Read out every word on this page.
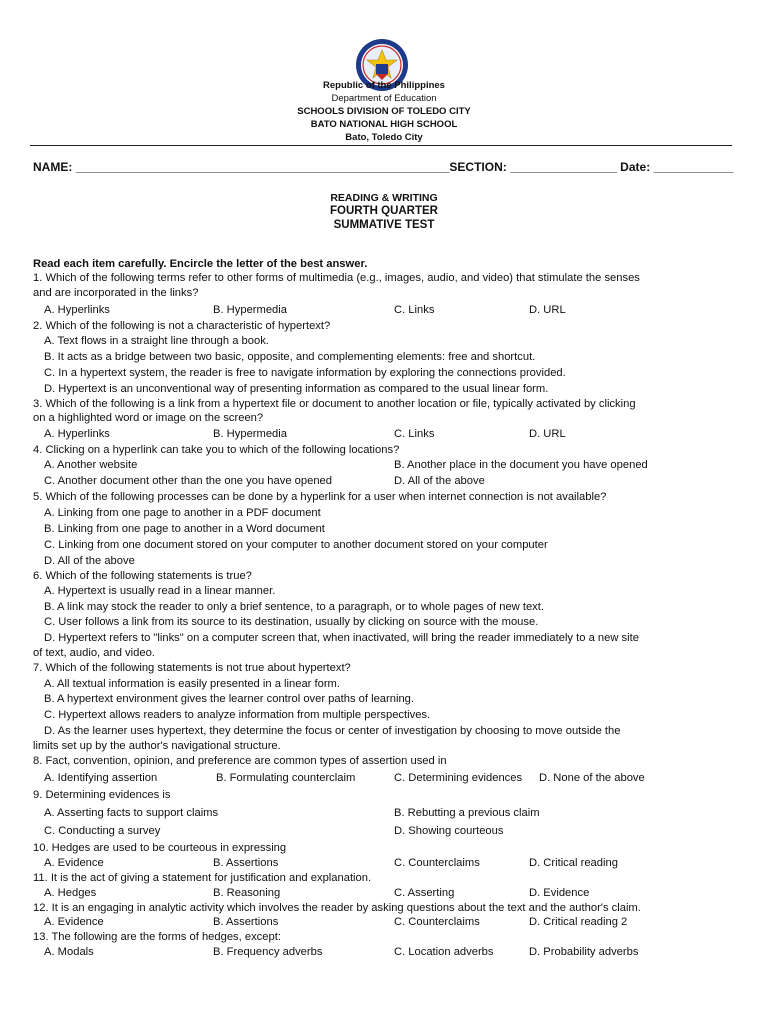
Republic of the Philippines
Department of Education
SCHOOLS DIVISION OF TOLEDO CITY
BATO NATIONAL HIGH SCHOOL
Bato, Toledo City
NAME: ________________________________________________________SECTION: ________________ Date: ____________
READING & WRITING
FOURTH QUARTER
SUMMATIVE TEST
Read each item carefully. Encircle the letter of the best answer.
1. Which of the following terms refer to other forms of multimedia (e.g., images, audio, and video) that stimulate the senses
and are incorporated in the links?
A. Hyperlinks	B. Hypermedia	C. Links	D. URL
2. Which of the following is not a characteristic of hypertext?
A. Text flows in a straight line through a book.
B. It acts as a bridge between two basic, opposite, and complementing elements: free and shortcut.
C. In a hypertext system, the reader is free to navigate information by exploring the connections provided.
D. Hypertext is an unconventional way of presenting information as compared to the usual linear form.
3. Which of the following is a link from a hypertext file or document to another location or file, typically activated by clicking
on a highlighted word or image on the screen?
A. Hyperlinks	B. Hypermedia	C. Links	D. URL
4. Clicking on a hyperlink can take you to which of the following locations?
A. Another website	B. Another place in the document you have opened
C. Another document other than the one you have opened	D. All of the above
5. Which of the following processes can be done by a hyperlink for a user when internet connection is not available?
A. Linking from one page to another in a PDF document
B. Linking from one page to another in a Word document
C. Linking from one document stored on your computer to another document stored on your computer
D. All of the above
6. Which of the following statements is true?
A. Hypertext is usually read in a linear manner.
B. A link may stock the reader to only a brief sentence, to a paragraph, or to whole pages of new text.
C. User follows a link from its source to its destination, usually by clicking on source with the mouse.
D. Hypertext refers to "links" on a computer screen that, when inactivated, will bring the reader immediately to a new site
of text, audio, and video.
7. Which of the following statements is not true about hypertext?
A. All textual information is easily presented in a linear form.
B. A hypertext environment gives the learner control over paths of learning.
C. Hypertext allows readers to analyze information from multiple perspectives.
D. As the learner uses hypertext, they determine the focus or center of investigation by choosing to move outside the
limits set up by the author's navigational structure.
8. Fact, convention, opinion, and preference are common types of assertion used in
A. Identifying assertion	B. Formulating counterclaim	C. Determining evidences D. None of the above
9. Determining evidences is
A. Asserting facts to support claims	B. Rebutting a previous claim
C. Conducting a survey	D. Showing courteous
10. Hedges are used to be courteous in expressing
A. Evidence	B. Assertions	C. Counterclaims	D. Critical reading
11. It is the act of giving a statement for justification and explanation.
A. Hedges	B. Reasoning	C. Asserting	D. Evidence
12. It is an engaging in analytic activity which involves the reader by asking questions about the text and the author's claim.
A. Evidence	B. Assertions	C. Counterclaims	D. Critical reading 2
13. The following are the forms of hedges, except:
A. Modals	B. Frequency adverbs	C. Location adverbs	D. Probability adverbs
